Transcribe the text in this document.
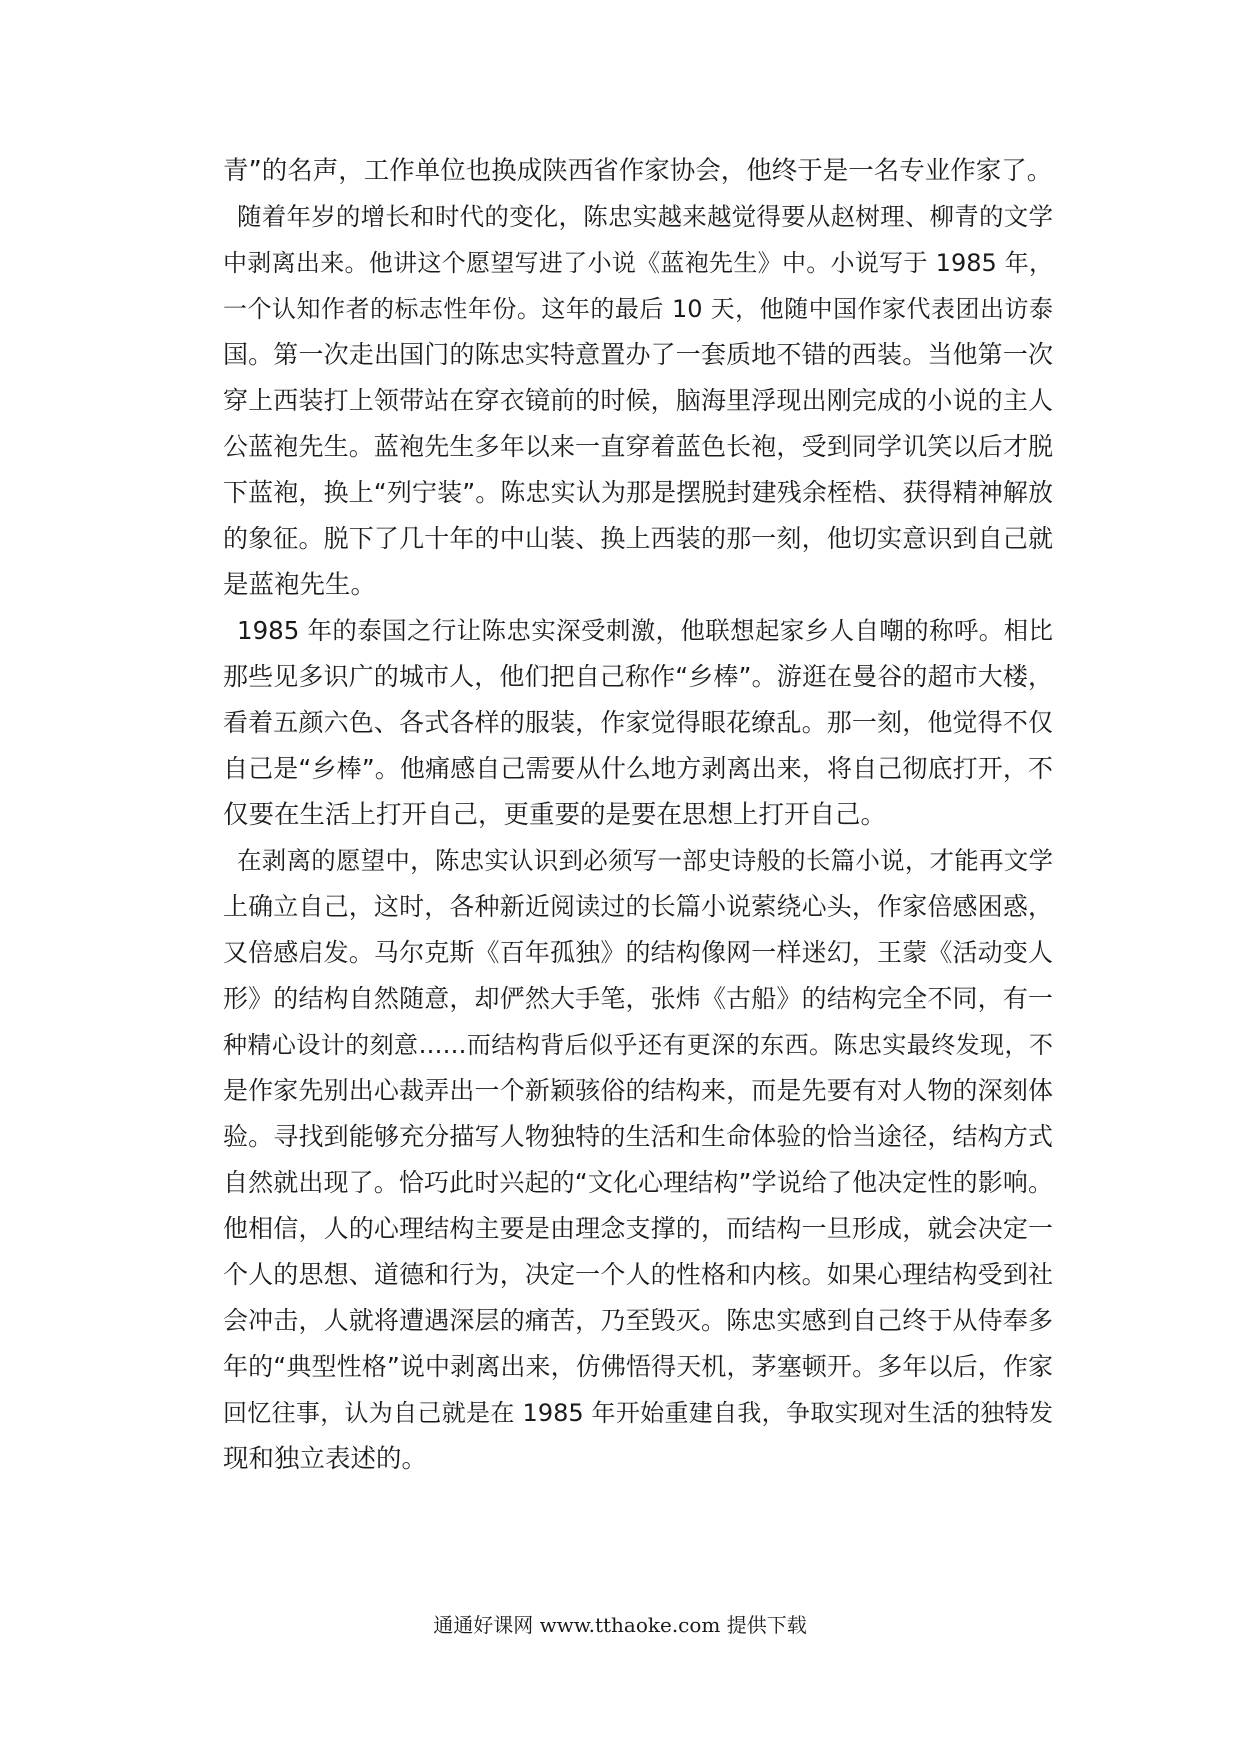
青”的名声，工作单位也换成陕西省作家协会，他终于是一名专业作家了。
随着年岁的增长和时代的变化，陈忠实越来越觉得要从赵树理、柳青的文学
中剥离出来。他讲这个愿望写进了小说《蓝袍先生》中。小说写于 1985 年，
一个认知作者的标志性年份。这年的最后 10 天，他随中国作家代表团出访泰
国。第一次走出国门的陈忠实特意置办了一套质地不错的西装。当他第一次
穿上西装打上领带站在穿衣镜前的时候，脑海里浮现出刚完成的小说的主人
公蓝袍先生。蓝袍先生多年以来一直穿着蓝色长袍，受到同学讥笑以后才脱
下蓝袍，换上“列宁装”。陈忠实认为那是摆脱封建残余桎梏、获得精神解放
的象征。脱下了几十年的中山装、换上西装的那一刻，他切实意识到自己就
是蓝袍先生。
1985 年的泰国之行让陈忠实深受刺激，他联想起家乡人自嘲的称呼。相比
那些见多识广的城市人，他们把自己称作“乡棒”。游逛在曼谷的超市大楼，
看着五颜六色、各式各样的服装，作家觉得眼花缭乱。那一刻，他觉得不仅
自己是“乡棒”。他痛感自己需要从什么地方剥离出来，将自己彻底打开，不
仅要在生活上打开自己，更重要的是要在思想上打开自己。
在剥离的愿望中，陈忠实认识到必须写一部史诗般的长篇小说，才能再文学
上确立自己，这时，各种新近阅读过的长篇小说萦绕心头，作家倍感困惑，
又倍感启发。马尔克斯《百年孤独》的结构像网一样迷幻，王蒙《活动变人
形》的结构自然随意，却俨然大手笔，张炜《古船》的结构完全不同，有一
种精心设计的刻意……而结构背后似乎还有更深的东西。陈忠实最终发现，不
是作家先别出心裁弄出一个新颖骇俗的结构来，而是先要有对人物的深刻体
验。寻找到能够充分描写人物独特的生活和生命体验的恰当途径，结构方式
自然就出现了。恰巧此时兴起的“文化心理结构”学说给了他决定性的影响。
他相信，人的心理结构主要是由理念支撑的，而结构一旦形成，就会决定一
个人的思想、道德和行为，决定一个人的性格和内核。如果心理结构受到社
会冲击，人就将遭遇深层的痛苦，乃至毁灭。陈忠实感到自己终于从侍奉多
年的“典型性格”说中剥离出来，仿佛悟得天机，茅塞顿开。多年以后，作家
回忆往事，认为自己就是在 1985 年开始重建自我，争取实现对生活的独特发
现和独立表述的。
通通好课网 www.tthaoke.com 提供下载
